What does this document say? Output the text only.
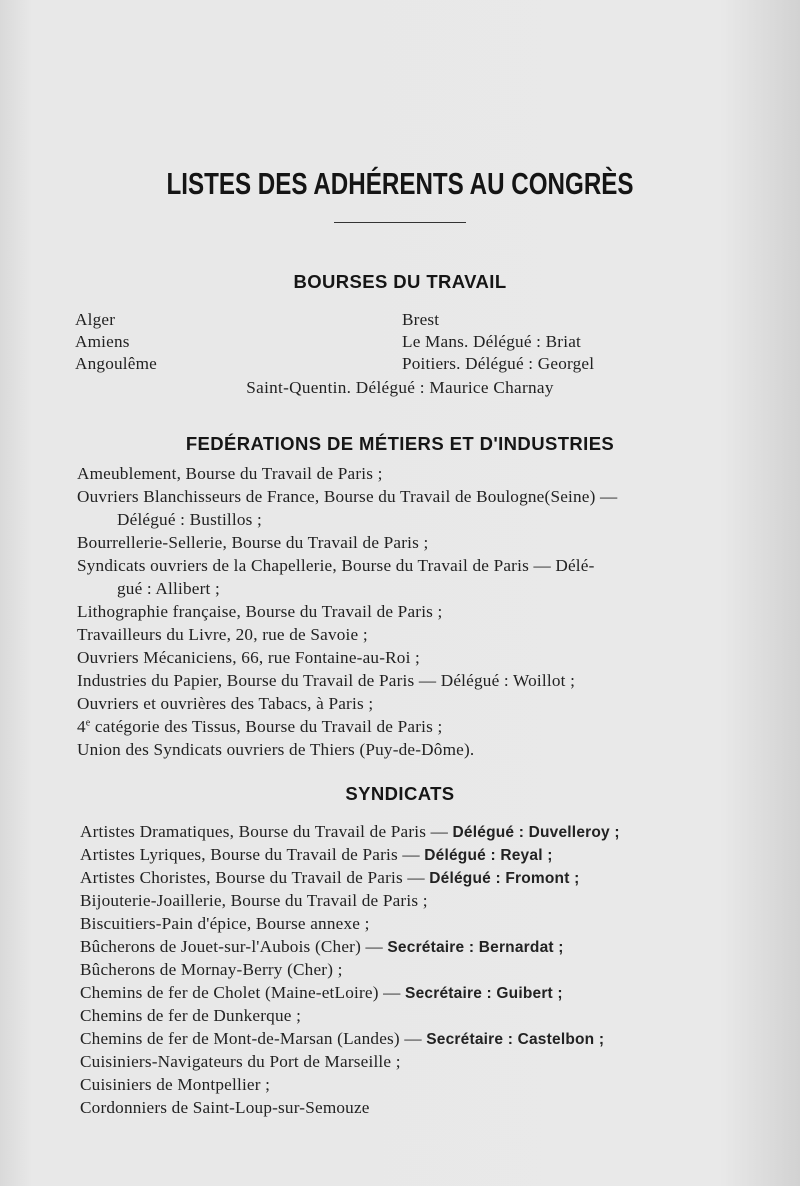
LISTES DES ADHÉRENTS AU CONGRÈS
BOURSES DU TRAVAIL
Alger
Amiens
Angoulême
Brest
Le Mans. Délégué : Briat
Poitiers. Délégué : Georgel
Saint-Quentin. Délégué : Maurice Charnay
FEDÉRATIONS DE MÉTIERS ET D'INDUSTRIES
Ameublement, Bourse du Travail de Paris ;
Ouvriers Blanchisseurs de France, Bourse du Travail de Boulogne(Seine) —
Délégué : Bustillos ;
Bourrellerie-Sellerie, Bourse du Travail de Paris ;
Syndicats ouvriers de la Chapellerie, Bourse du Travail de Paris — Délé-
gué : Allibert ;
Lithographie française, Bourse du Travail de Paris ;
Travailleurs du Livre, 20, rue de Savoie ;
Ouvriers Mécaniciens, 66, rue Fontaine-au-Roi ;
Industries du Papier, Bourse du Travail de Paris — Délégué : Woillot ;
Ouvriers et ouvrières des Tabacs, à Paris ;
4e catégorie des Tissus, Bourse du Travail de Paris ;
Union des Syndicats ouvriers de Thiers (Puy-de-Dôme).
SYNDICATS
Artistes Dramatiques, Bourse du Travail de Paris — Délégué : Duvelleroy ;
Artistes Lyriques, Bourse du Travail de Paris — Délégué : Reyal ;
Artistes Choristes, Bourse du Travail de Paris — Délégué : Fromont ;
Bijouterie-Joaillerie, Bourse du Travail de Paris ;
Biscuitiers-Pain d'épice, Bourse annexe ;
Bûcherons de Jouet-sur-l'Aubois (Cher) — Secrétaire : Bernardat ;
Bûcherons de Mornay-Berry (Cher) ;
Chemins de fer de Cholet (Maine-etLoire) — Secrétaire : Guibert ;
Chemins de fer de Dunkerque ;
Chemins de fer de Mont-de-Marsan (Landes) — Secrétaire : Castelbon ;
Cuisiniers-Navigateurs du Port de Marseille ;
Cuisiniers de Montpellier ;
Cordonniers de Saint-Loup-sur-Semouze
